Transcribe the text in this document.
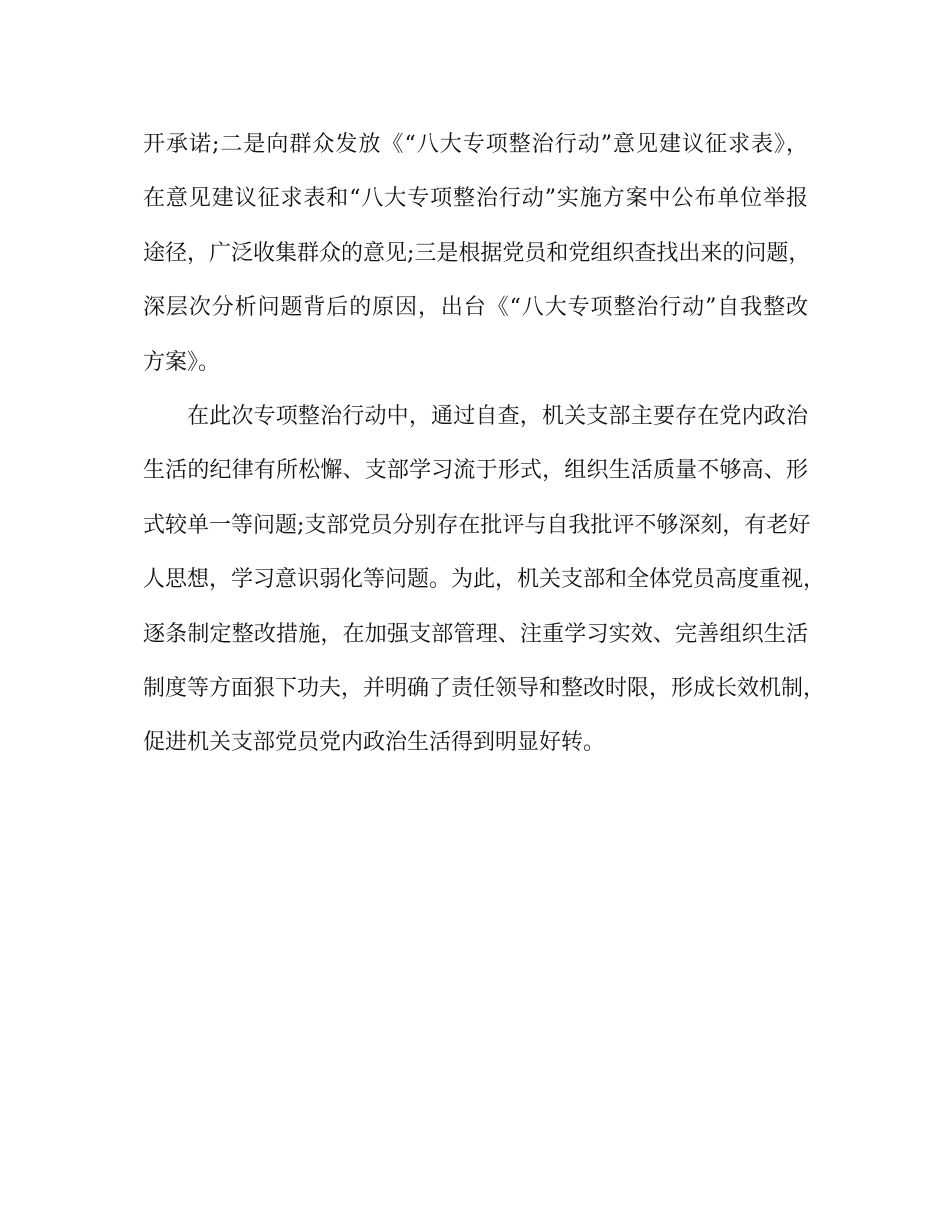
开承诺;二是向群众发放《“八大专项整治行动”意见建议征求表》，
在意见建议征求表和“八大专项整治行动”实施方案中公布单位举报
途径，广泛收集群众的意见;三是根据党员和党组织查找出来的问题，
深层次分析问题背后的原因，出台《“八大专项整治行动”自我整改
方案》。
在此次专项整治行动中，通过自查，机关支部主要存在党内政治
生活的纪律有所松懈、支部学习流于形式，组织生活质量不够高、形
式较单一等问题;支部党员分别存在批评与自我批评不够深刻，有老好
人思想，学习意识弱化等问题。为此，机关支部和全体党员高度重视，
逐条制定整改措施，在加强支部管理、注重学习实效、完善组织生活
制度等方面狠下功夫，并明确了责任领导和整改时限，形成长效机制，
促进机关支部党员党内政治生活得到明显好转。
